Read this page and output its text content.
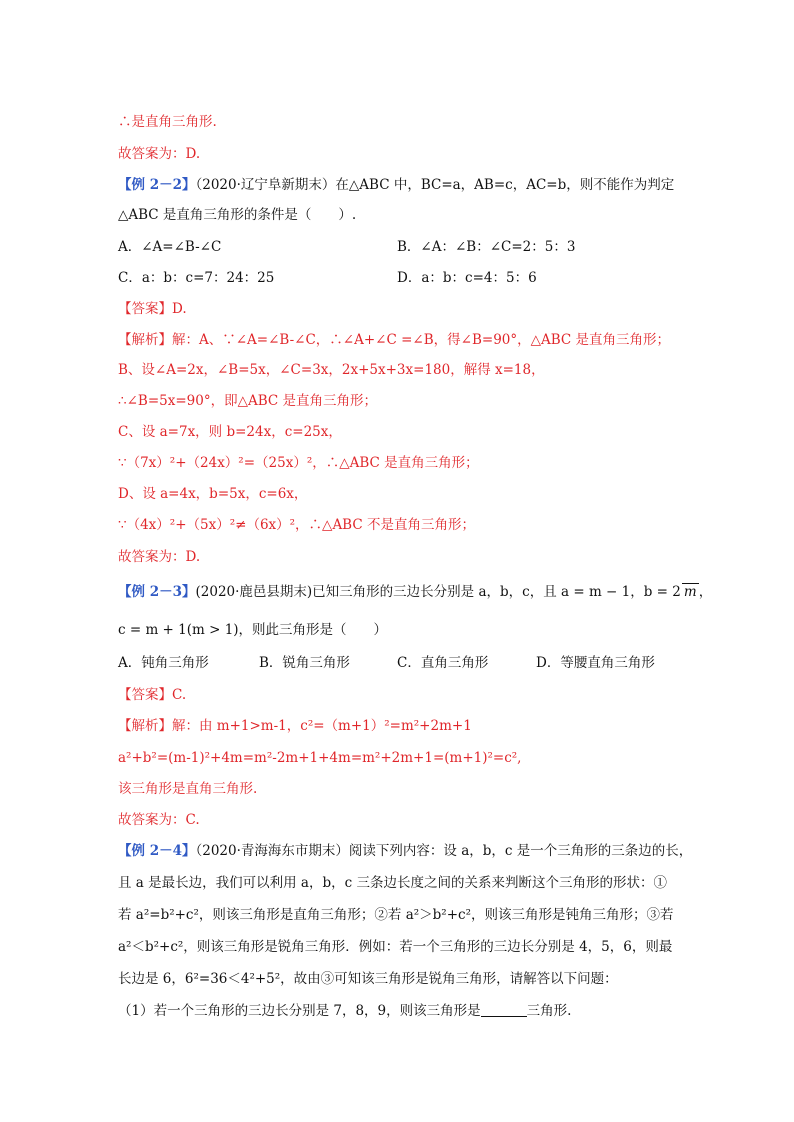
∴是直角三角形.
故答案为：D.
【例 2－2】（2020·辽宁阜新期末）在△ABC 中，BC=a，AB=c，AC=b，则不能作为判定
△ABC 是直角三角形的条件是（　　）.
A．∠A=∠B-∠C	B．∠A：∠B：∠C=2：5：3
C．a：b：c=7：24：25	D．a：b：c=4：5：6
【答案】D.
【解析】解：A、∵∠A=∠B-∠C，∴∠A+∠C =∠B，得∠B=90°，△ABC 是直角三角形；
B、设∠A=2x，∠B=5x，∠C=3x，2x+5x+3x=180，解得 x=18，
∴∠B=5x=90°，即△ABC 是直角三角形；
C、设 a=7x，则 b=24x，c=25x，
∵（7x）²+（24x）²=（25x）²，∴△ABC 是直角三角形；
D、设 a=4x，b=5x，c=6x，
∵（4x）²+（5x）²≠（6x）²，∴△ABC 不是直角三角形；
故答案为：D.
【例 2－3】(2020·鹿邑县期末)已知三角形的三边长分别是 a，b，c，且 a = m − 1，b = 2 m ，
c = m + 1(m > 1)，则此三角形是（　　）
A．钝角三角形	B．锐角三角形	C．直角三角形	D．等腰直角三角形
【答案】C.
【解析】解：由 m+1>m-1，c²=（m+1）²=m²+2m+1
a²+b²=(m-1)²+4m=m²-2m+1+4m=m²+2m+1=(m+1)²=c²,
该三角形是直角三角形.
故答案为：C.
【例 2－4】（2020·青海海东市期末）阅读下列内容：设 a，b，c 是一个三角形的三条边的长，
且 a 是最长边，我们可以利用 a，b，c 三条边长度之间的关系来判断这个三角形的形状：①
若 a²=b²+c²，则该三角形是直角三角形；②若 a²＞b²+c²，则该三角形是钝角三角形；③若
a²＜b²+c²，则该三角形是锐角三角形．例如：若一个三角形的三边长分别是 4，5，6，则最
长边是 6，6²=36＜4²+5²，故由③可知该三角形是锐角三角形，请解答以下问题：
（1）若一个三角形的三边长分别是 7，8，9，则该三角形是	三角形.
